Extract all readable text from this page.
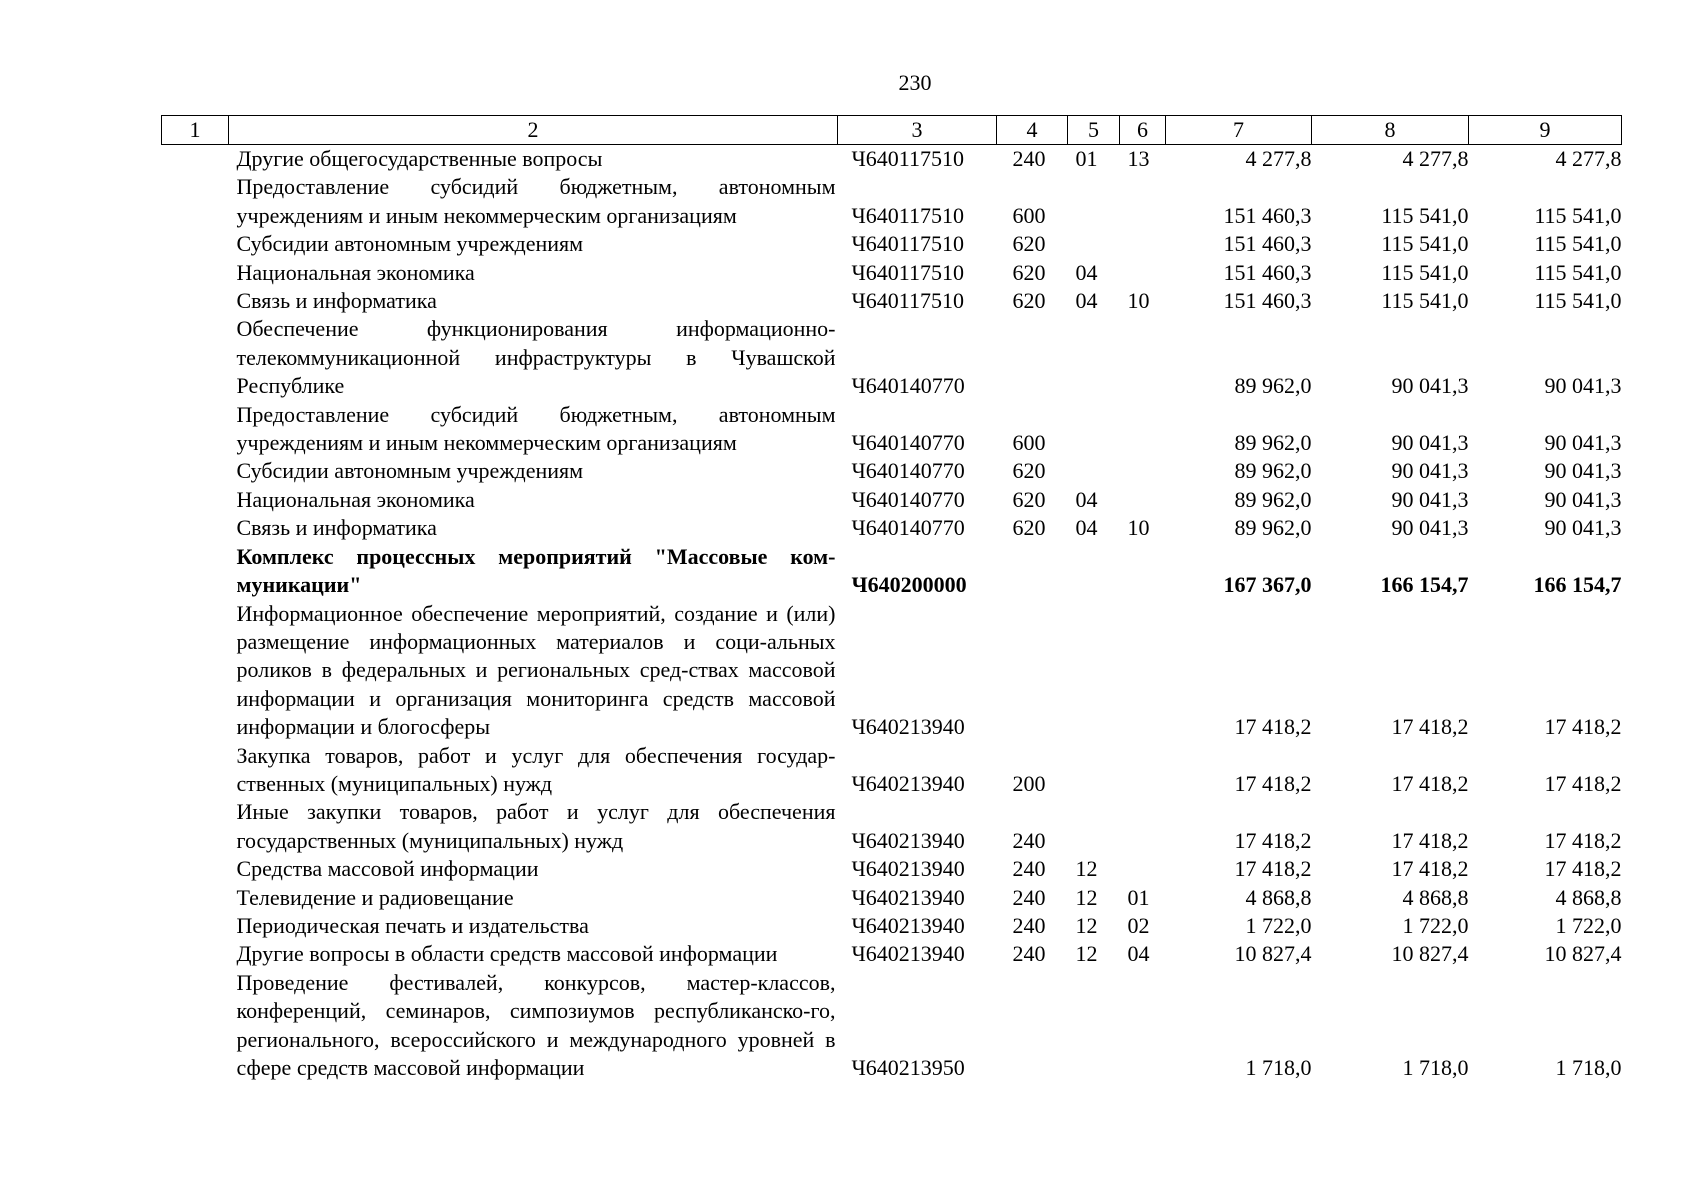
230
1	2	3	4	5	6	7	8	9
	Другие общегосударственные вопросы	Ч640117510	240	01	13	4 277,8	4 277,8	4 277,8
	Предоставление субсидий бюджетным, автономным учреждениям и иным некоммерческим организациям	Ч640117510	600			151 460,3	115 541,0	115 541,0
	Субсидии автономным учреждениям	Ч640117510	620			151 460,3	115 541,0	115 541,0
	Национальная экономика	Ч640117510	620	04		151 460,3	115 541,0	115 541,0
	Связь и информатика	Ч640117510	620	04	10	151 460,3	115 541,0	115 541,0
	Обеспечение функционирования информационно-телекоммуникационной инфраструктуры в Чувашской Республике	Ч640140770				89 962,0	90 041,3	90 041,3
	Предоставление субсидий бюджетным, автономным учреждениям и иным некоммерческим организациям	Ч640140770	600			89 962,0	90 041,3	90 041,3
	Субсидии автономным учреждениям	Ч640140770	620			89 962,0	90 041,3	90 041,3
	Национальная экономика	Ч640140770	620	04		89 962,0	90 041,3	90 041,3
	Связь и информатика	Ч640140770	620	04	10	89 962,0	90 041,3	90 041,3
	Комплекс процессных мероприятий "Массовые ком-муникации"	Ч640200000				167 367,0	166 154,7	166 154,7
	Информационное обеспечение мероприятий, создание и (или) размещение информационных материалов и соци-альных роликов в федеральных и региональных сред-ствах массовой информации и организация мониторинга средств массовой информации и блогосферы	Ч640213940				17 418,2	17 418,2	17 418,2
	Закупка товаров, работ и услуг для обеспечения государ-ственных (муниципальных) нужд	Ч640213940	200			17 418,2	17 418,2	17 418,2
	Иные закупки товаров, работ и услуг для обеспечения государственных (муниципальных) нужд	Ч640213940	240			17 418,2	17 418,2	17 418,2
	Средства массовой информации	Ч640213940	240	12		17 418,2	17 418,2	17 418,2
	Телевидение и радиовещание	Ч640213940	240	12	01	4 868,8	4 868,8	4 868,8
	Периодическая печать и издательства	Ч640213940	240	12	02	1 722,0	1 722,0	1 722,0
	Другие вопросы в области средств массовой информации	Ч640213940	240	12	04	10 827,4	10 827,4	10 827,4
	Проведение фестивалей, конкурсов, мастер-классов, конференций, семинаров, симпозиумов республиканско-го, регионального, всероссийского и международного уровней в сфере средств массовой информации	Ч640213950				1 718,0	1 718,0	1 718,0
